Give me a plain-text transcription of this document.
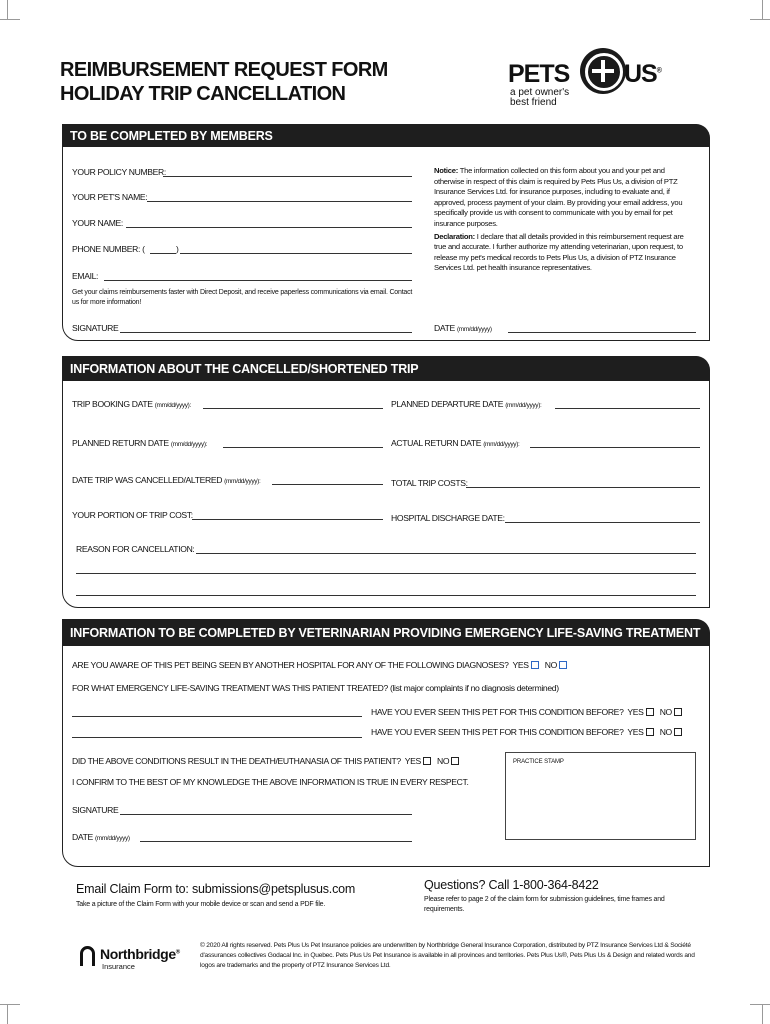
REIMBURSEMENT REQUEST FORM
HOLIDAY TRIP CANCELLATION
PETS US®
a pet owner's
best friend
TO BE COMPLETED BY MEMBERS
YOUR POLICY NUMBER:
YOUR PET'S NAME:
YOUR NAME:
PHONE NUMBER: (	)
EMAIL:
Get your claims reimbursements faster with Direct Deposit, and receive paperless communications via email. Contact us for more information!
Notice: The information collected on this form about you and your pet and otherwise in respect of this claim is required by Pets Plus Us, a division of PTZ Insurance Services Ltd. for insurance purposes, including to evaluate and, if approved, process payment of your claim. By providing your email address, you specifically provide us with consent to communicate with you by email for pet insurance purposes.
Declaration: I declare that all details provided in this reimbursement request are true and accurate. I further authorize my attending veterinarian, upon request, to release my pet's medical records to Pets Plus Us, a division of PTZ Insurance Services Ltd. pet health insurance representatives.
SIGNATURE	DATE (mm/dd/yyyy)
INFORMATION ABOUT THE CANCELLED/SHORTENED TRIP
TRIP BOOKING DATE (mm/dd/yyyy):	PLANNED DEPARTURE DATE (mm/dd/yyyy):
PLANNED RETURN DATE (mm/dd/yyyy):	ACTUAL RETURN DATE (mm/dd/yyyy):
DATE TRIP WAS CANCELLED/ALTERED (mm/dd/yyyy):	TOTAL TRIP COSTS:
YOUR PORTION OF TRIP COST:	HOSPITAL DISCHARGE DATE:
REASON FOR CANCELLATION:
INFORMATION TO BE COMPLETED BY VETERINARIAN PROVIDING EMERGENCY LIFE-SAVING TREATMENT
ARE YOU AWARE OF THIS PET BEING SEEN BY ANOTHER HOSPITAL FOR ANY OF THE FOLLOWING DIAGNOSES? YES NO
FOR WHAT EMERGENCY LIFE-SAVING TREATMENT WAS THIS PATIENT TREATED? (list major complaints if no diagnosis determined)
HAVE YOU EVER SEEN THIS PET FOR THIS CONDITION BEFORE? YES NO
HAVE YOU EVER SEEN THIS PET FOR THIS CONDITION BEFORE? YES NO
DID THE ABOVE CONDITIONS RESULT IN THE DEATH/EUTHANASIA OF THIS PATIENT? YES NO
I CONFIRM TO THE BEST OF MY KNOWLEDGE THE ABOVE INFORMATION IS TRUE IN EVERY RESPECT.
SIGNATURE
DATE (mm/dd/yyyy)
PRACTICE STAMP
Email Claim Form to: submissions@petsplusus.com
Take a picture of the Claim Form with your mobile device or scan and send a PDF file.
Questions? Call 1-800-364-8422
Please refer to page 2 of the claim form for submission guidelines, time frames and requirements.
Northbridge®
Insurance
© 2020 All rights reserved. Pets Plus Us Pet Insurance policies are underwritten by Northbridge General Insurance Corporation, distributed by PTZ Insurance Services Ltd & Société d'assurances collectives Godacal Inc. in Quebec. Pets Plus Us Pet Insurance is available in all provinces and territories. Pets Plus Us®, Pets Plus Us & Design and related words and logos are trademarks and the property of PTZ Insurance Services Ltd.
